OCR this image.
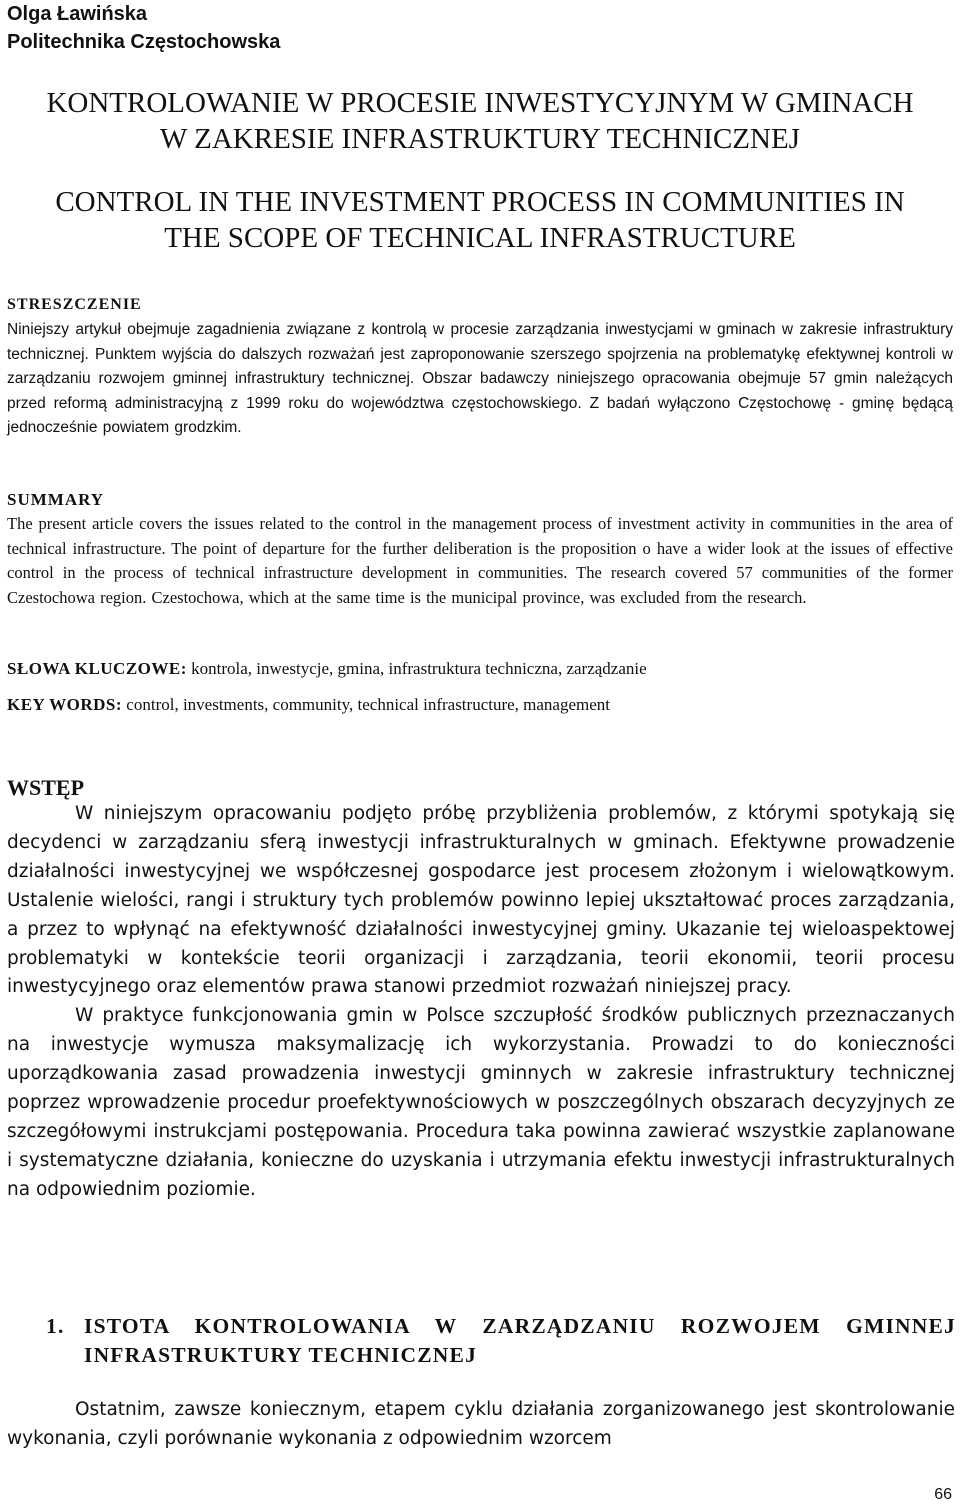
Olga Ławińska
Politechnika Częstochowska
KONTROLOWANIE W PROCESIE INWESTYCYJNYM W GMINACH
W ZAKRESIE INFRASTRUKTURY TECHNICZNEJ
CONTROL IN THE INVESTMENT PROCESS IN COMMUNITIES IN
THE SCOPE OF TECHNICAL INFRASTRUCTURE
STRESZCZENIE
Niniejszy artykuł obejmuje zagadnienia związane z kontrolą w procesie zarządzania inwestycjami w gminach w zakresie infrastruktury technicznej. Punktem wyjścia do dalszych rozważań jest zaproponowanie szerszego spojrzenia na problematykę efektywnej kontroli w zarządzaniu rozwojem gminnej infrastruktury technicznej. Obszar badawczy niniejszego opracowania obejmuje 57 gmin należących przed reformą administracyjną z 1999 roku do województwa częstochowskiego. Z badań wyłączono Częstochowę - gminę będącą jednocześnie powiatem grodzkim.
SUMMARY
The present article covers the issues related to the control in the management process of investment activity in communities in the area of technical infrastructure. The point of departure for the further deliberation is the proposition o have a wider look at the issues of effective control in the process of technical infrastructure development in communities. The research covered 57 communities of the former Czestochowa region. Czestochowa, which at the same time is the municipal province, was excluded from the research.
SŁOWA KLUCZOWE: kontrola, inwestycje, gmina, infrastruktura techniczna, zarządzanie
KEY WORDS: control, investments, community, technical infrastructure, management
WSTĘP

W niniejszym opracowaniu podjęto próbę przybliżenia problemów, z którymi spotykają się decydenci w zarządzaniu sferą inwestycji infrastrukturalnych w gminach. Efektywne prowadzenie działalności inwestycyjnej we współczesnej gospodarce jest procesem złożonym i wielowątkowym. Ustalenie wielości, rangi i struktury tych problemów powinno lepiej ukształtować proces zarządzania, a przez to wpłynąć na efektywność działalności inwestycyjnej gminy. Ukazanie tej wieloaspektowej problematyki w kontekście teorii organizacji i zarządzania, teorii ekonomii, teorii procesu inwestycyjnego oraz elementów prawa stanowi przedmiot rozważań niniejszej pracy.

W praktyce funkcjonowania gmin w Polsce szczupłość środków publicznych przeznaczanych na inwestycje wymusza maksymalizację ich wykorzystania. Prowadzi to do konieczności uporządkowania zasad prowadzenia inwestycji gminnych w zakresie infrastruktury technicznej poprzez wprowadzenie procedur proefektywnościowych w poszczególnych obszarach decyzyjnych ze szczegółowymi instrukcjami postępowania. Procedura taka powinna zawierać wszystkie zaplanowane i systematyczne działania, konieczne do uzyskania i utrzymania efektu inwestycji infrastrukturalnych na odpowiednim poziomie.

1. ISTOTA KONTROLOWANIA W ZARZĄDZANIU ROZWOJEM GMINNEJ
INFRASTRUKTURY TECHNICZNEJ

Ostatnim, zawsze koniecznym, etapem cyklu działania zorganizowanego jest skontrolowanie wykonania, czyli porównanie wykonania z odpowiednim wzorcem

66
